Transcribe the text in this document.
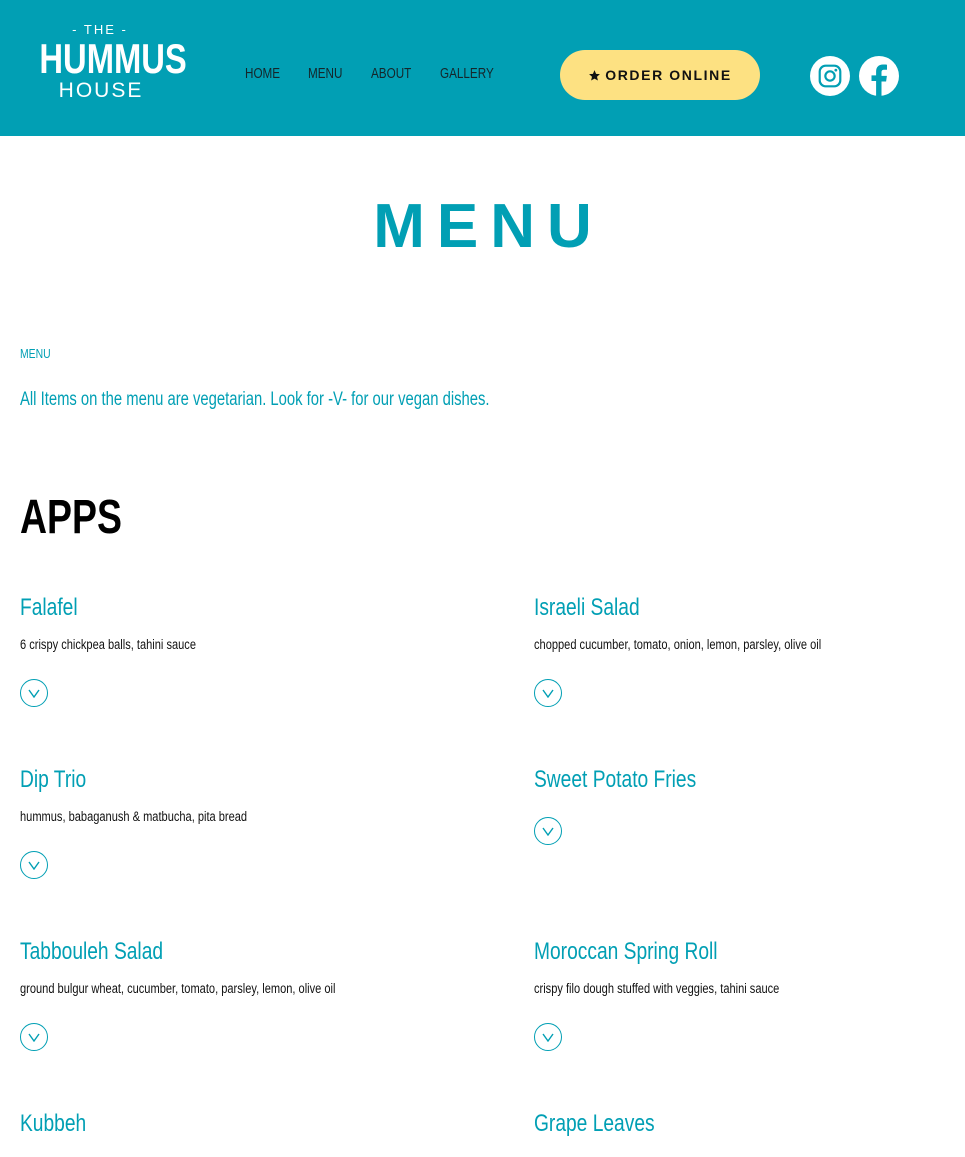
- THE -
HUMMUS
HOUSE
HOME MENU ABOUT GALLERY	ORDER ONLINE
MENU
MENU
All Items on the menu are vegetarian. Look for -V- for our vegan dishes.
APPS
Falafel
6 crispy chickpea balls, tahini sauce
Israeli Salad
chopped cucumber, tomato, onion, lemon, parsley, olive oil
Dip Trio
hummus, babaganush & matbucha, pita bread
Sweet Potato Fries
Tabbouleh Salad
ground bulgur wheat, cucumber, tomato, parsley, lemon, olive oil
Moroccan Spring Roll
crispy filo dough stuffed with veggies, tahini sauce
Kubbeh	Grape Leaves
